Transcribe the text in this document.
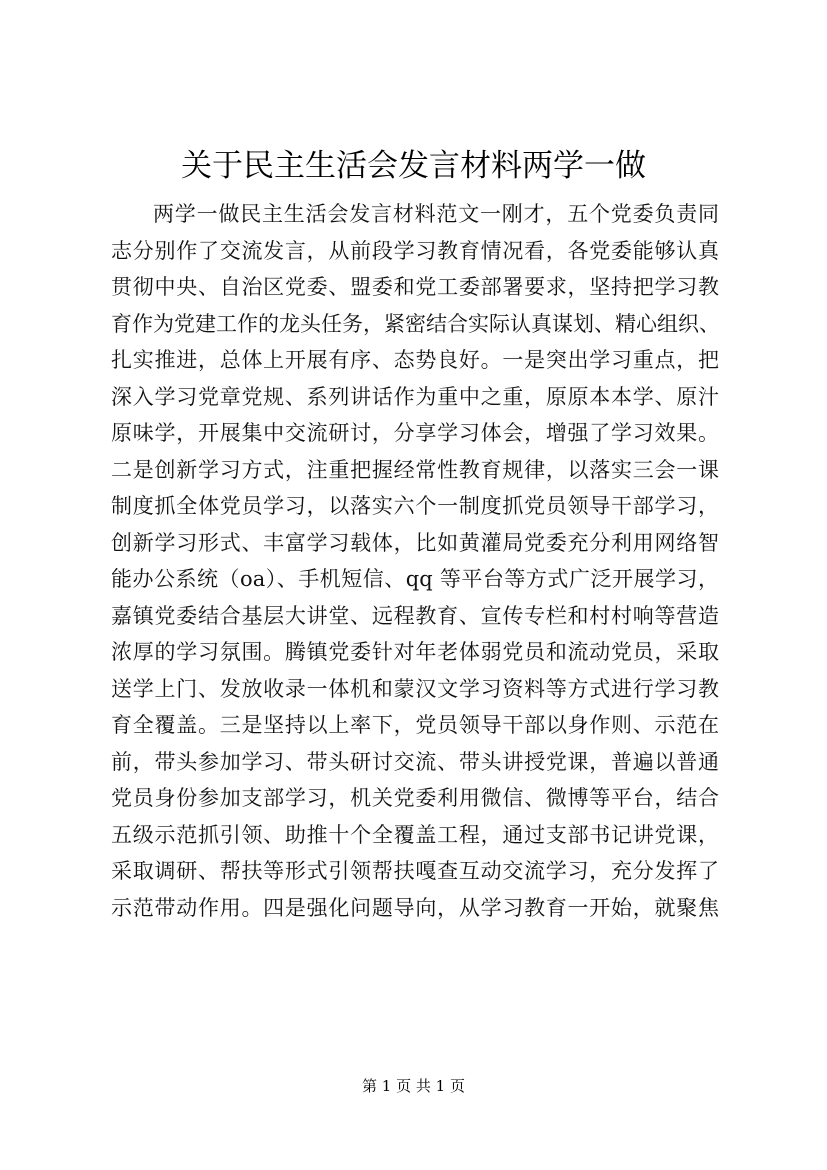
关于民主生活会发言材料两学一做
两学一做民主生活会发言材料范文一刚才，五个党委负责同
志分别作了交流发言，从前段学习教育情况看，各党委能够认真
贯彻中央、自治区党委、盟委和党工委部署要求，坚持把学习教
育作为党建工作的龙头任务，紧密结合实际认真谋划、精心组织、
扎实推进，总体上开展有序、态势良好。一是突出学习重点，把
深入学习党章党规、系列讲话作为重中之重，原原本本学、原汁
原味学，开展集中交流研讨，分享学习体会，增强了学习效果。
二是创新学习方式，注重把握经常性教育规律，以落实三会一课
制度抓全体党员学习，以落实六个一制度抓党员领导干部学习，
创新学习形式、丰富学习载体，比如黄灌局党委充分利用网络智
能办公系统（oa）、手机短信、qq 等平台等方式广泛开展学习，
嘉镇党委结合基层大讲堂、远程教育、宣传专栏和村村响等营造
浓厚的学习氛围。腾镇党委针对年老体弱党员和流动党员，采取
送学上门、发放收录一体机和蒙汉文学习资料等方式进行学习教
育全覆盖。三是坚持以上率下，党员领导干部以身作则、示范在
前，带头参加学习、带头研讨交流、带头讲授党课，普遍以普通
党员身份参加支部学习，机关党委利用微信、微博等平台，结合
五级示范抓引领、助推十个全覆盖工程，通过支部书记讲党课，
采取调研、帮扶等形式引领帮扶嘎查互动交流学习，充分发挥了
示范带动作用。四是强化问题导向，从学习教育一开始，就聚焦
第 1 页 共 1 页
